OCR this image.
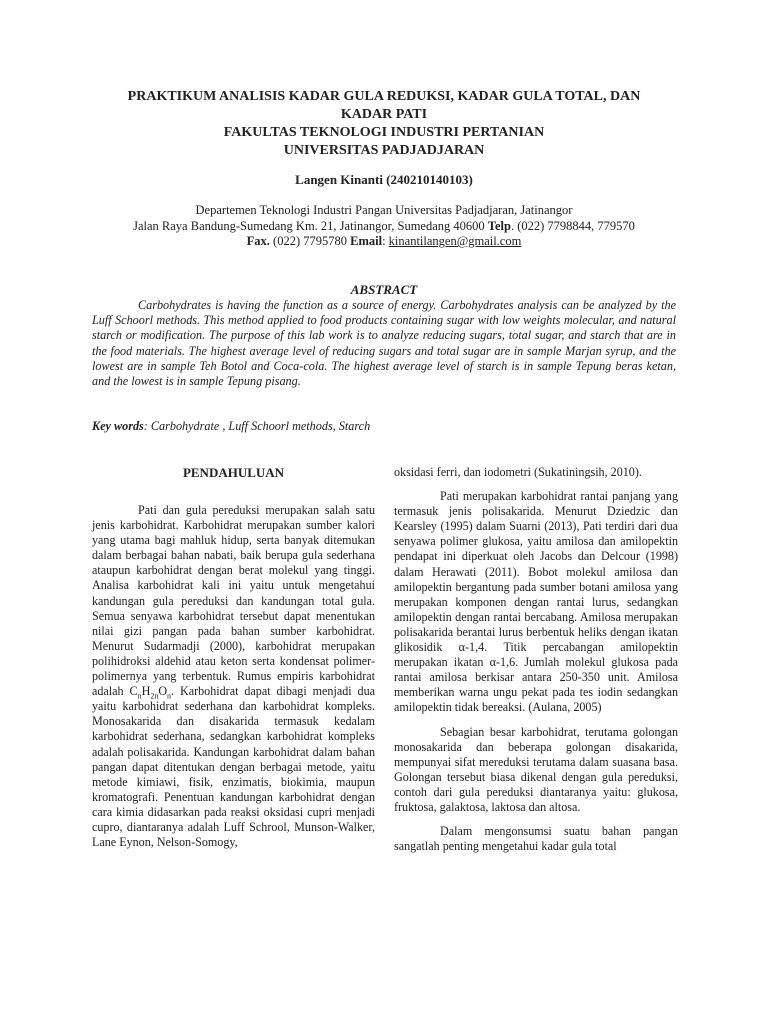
PRAKTIKUM ANALISIS KADAR GULA REDUKSI, KADAR GULA TOTAL, DAN
KADAR PATI
FAKULTAS TEKNOLOGI INDUSTRI PERTANIAN
UNIVERSITAS PADJADJARAN
Langen Kinanti (240210140103)
Departemen Teknologi Industri Pangan Universitas Padjadjaran, Jatinangor
Jalan Raya Bandung-Sumedang Km. 21, Jatinangor, Sumedang 40600 Telp. (022) 7798844, 779570
Fax. (022) 7795780 Email: kinantilangen@gmail.com
ABSTRACT

Carbohydrates is having the function as a source of energy. Carbohydrates analysis can be analyzed by the Luff Schoorl methods. This method applied to food products containing sugar with low weights molecular, and natural starch or modification. The purpose of this lab work is to analyze reducing sugars, total sugar, and starch that are in the food materials. The highest average level of reducing sugars and total sugar are in sample Marjan syrup, and the lowest are in sample Teh Botol and Coca-cola. The highest average level of starch is in sample Tepung beras ketan, and the lowest is in sample Tepung pisang.

Key words: Carbohydrate , Luff Schoorl methods, Starch
PENDAHULUAN

Pati dan gula pereduksi merupakan salah satu jenis karbohidrat. Karbohidrat merupakan sumber kalori yang utama bagi mahluk hidup, serta banyak ditemukan dalam berbagai bahan nabati, baik berupa gula sederhana ataupun karbohidrat dengan berat molekul yang tinggi. Analisa karbohidrat kali ini yaitu untuk mengetahui kandungan gula pereduksi dan kandungan total gula. Semua senyawa karbohidrat tersebut dapat menentukan nilai gizi pangan pada bahan sumber karbohidrat. Menurut Sudarmadji (2000), karbohidrat merupakan polihidroksi aldehid atau keton serta kondensat polimer-polimernya yang terbentuk. Rumus empiris karbohidrat adalah $C_nH_{2n}O_n$. Karbohidrat dapat dibagi menjadi dua yaitu karbohidrat sederhana dan karbohidrat kompleks. Monosakarida dan disakarida termasuk kedalam karbohidrat sederhana, sedangkan karbohidrat kompleks adalah polisakarida. Kandungan karbohidrat dalam bahan pangan dapat ditentukan dengan berbagai metode, yaitu metode kimiawi, fisik, enzimatis, biokimia, maupun kromatografi. Penentuan kandungan karbohidrat dengan cara kimia didasarkan pada reaksi oksidasi cupri menjadi cupro, diantaranya adalah Luff Schrool, Munson-Walker, Lane Eynon, Nelson-Somogy,

oksidasi ferri, dan iodometri (Sukatiningsih, 2010).

Pati merupakan karbohidrat rantai panjang yang termasuk jenis polisakarida. Menurut Dziedzic dan Kearsley (1995) dalam Suarni (2013), Pati terdiri dari dua senyawa polimer glukosa, yaitu amilosa dan amilopektin pendapat ini diperkuat oleh Jacobs dan Delcour (1998) dalam Herawati (2011). Bobot molekul amilosa dan amilopektin bergantung pada sumber botani amilosa yang merupakan komponen dengan rantai lurus, sedangkan amilopektin dengan rantai bercabang. Amilosa merupakan polisakarida berantai lurus berbentuk heliks dengan ikatan glikosidik α-1,4. Titik percabangan amilopektin merupakan ikatan α-1,6. Jumlah molekul glukosa pada rantai amilosa berkisar antara 250-350 unit. Amilosa memberikan warna ungu pekat pada tes iodin sedangkan amilopektin tidak bereaksi. (Aulana, 2005)

Sebagian besar karbohidrat, terutama golongan monosakarida dan beberapa golongan disakarida, mempunyai sifat mereduksi terutama dalam suasana basa. Golongan tersebut biasa dikenal dengan gula pereduksi, contoh dari gula pereduksi diantaranya yaitu: glukosa, fruktosa, galaktosa, laktosa dan altosa.

Dalam mengonsumsi suatu bahan pangan sangatlah penting mengetahui kadar gula total
